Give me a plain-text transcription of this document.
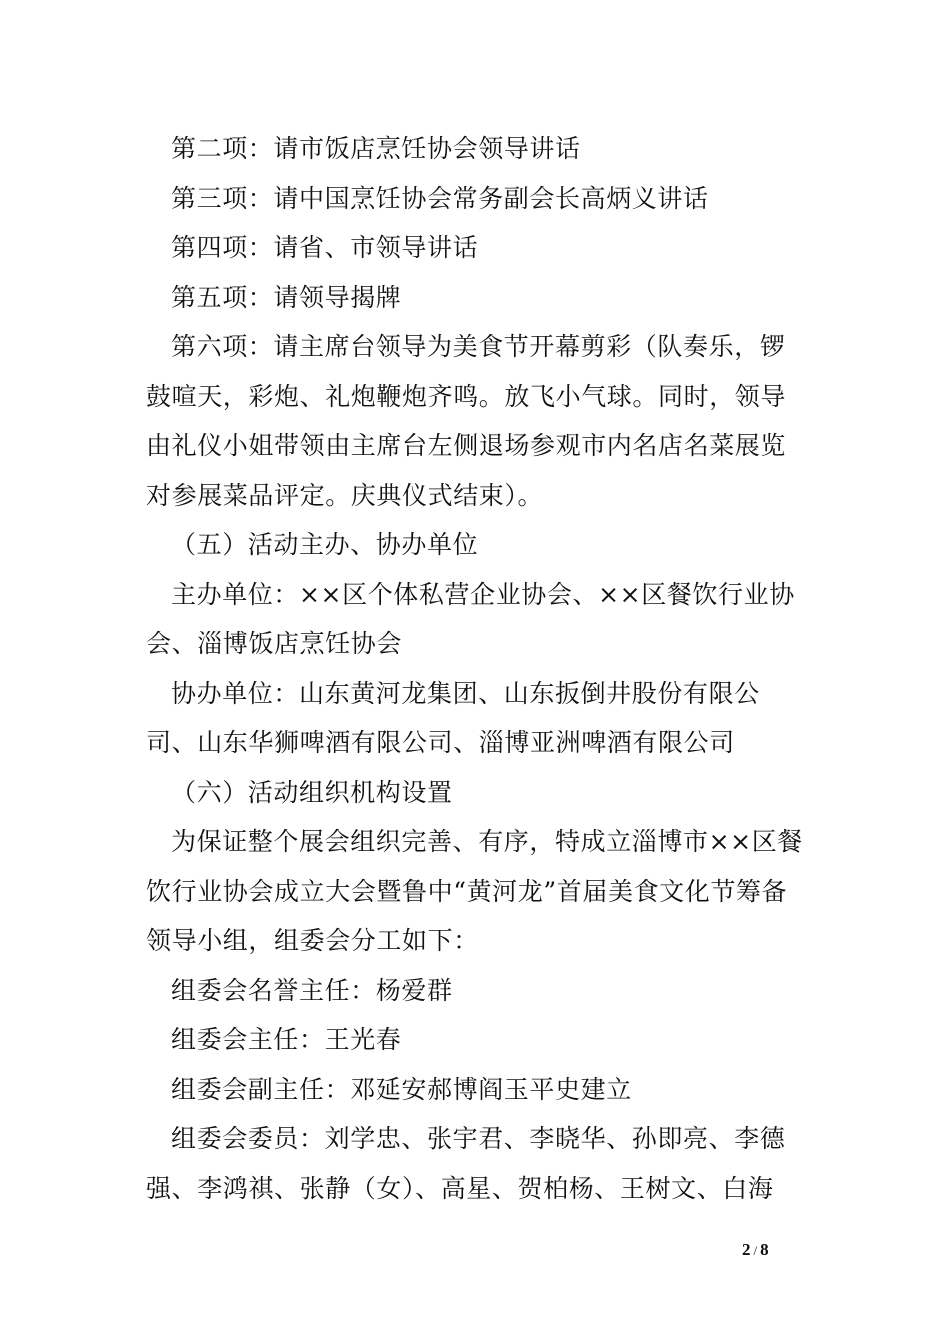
第二项：请市饭店烹饪协会领导讲话

第三项：请中国烹饪协会常务副会长高炳义讲话

第四项：请省、市领导讲话

第五项：请领导揭牌

第六项：请主席台领导为美食节开幕剪彩（队奏乐，锣鼓喧天，彩炮、礼炮鞭炮齐鸣。放飞小气球。同时，领导由礼仪小姐带领由主席台左侧退场参观市内名店名菜展览对参展菜品评定。庆典仪式结束）。

（五）活动主办、协办单位

主办单位：××区个体私营企业协会、××区餐饮行业协会、淄博饭店烹饪协会

协办单位：山东黄河龙集团、山东扳倒井股份有限公司、山东华狮啤酒有限公司、淄博亚洲啤酒有限公司

（六）活动组织机构设置

为保证整个展会组织完善、有序，特成立淄博市××区餐饮行业协会成立大会暨鲁中“黄河龙”首届美食文化节筹备领导小组，组委会分工如下：

组委会名誉主任：杨爱群

组委会主任：王光春

组委会副主任：邓延安郝博阎玉平史建立

组委会委员：刘学忠、张宇君、李晓华、孙即亮、李德强、李鸿祺、张静（女）、高星、贺柏杨、王树文、白海

2 / 8
